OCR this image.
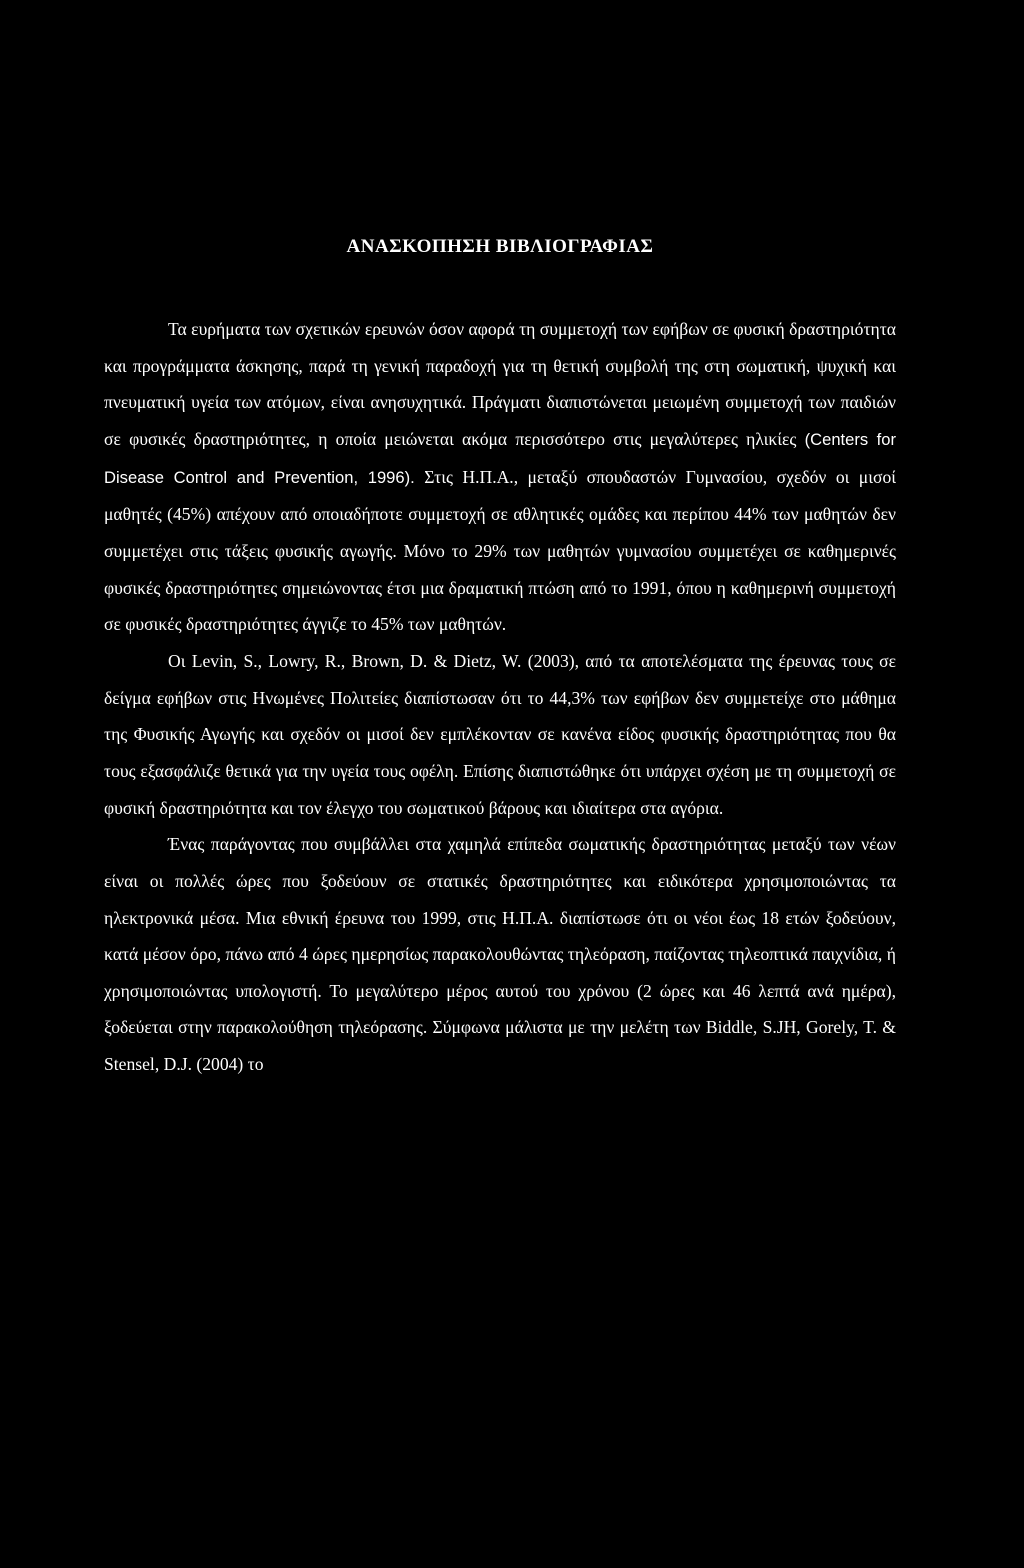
ΑΝΑΣΚΟΠΗΣΗ ΒΙΒΛΙΟΓΡΑΦΙΑΣ

Τα ευρήματα των σχετικών ερευνών όσον αφορά τη συμμετοχή των εφήβων σε φυσική δραστηριότητα και προγράμματα άσκησης, παρά τη γενική παραδοχή για τη θετική συμβολή της στη σωματική, ψυχική και πνευματική υγεία των ατόμων, είναι ανησυχητικά. Πράγματι διαπιστώνεται μειωμένη συμμετοχή των παιδιών σε φυσικές δραστηριότητες, η οποία μειώνεται ακόμα περισσότερο στις μεγαλύτερες ηλικίες (Centers for Disease Control and Prevention, 1996). Στις Η.Π.Α., μεταξύ σπουδαστών Γυμνασίου, σχεδόν οι μισοί μαθητές (45%) απέχουν από οποιαδήποτε συμμετοχή σε αθλητικές ομάδες και περίπου 44% των μαθητών δεν συμμετέχει στις τάξεις φυσικής αγωγής. Μόνο το 29% των μαθητών γυμνασίου συμμετέχει σε καθημερινές φυσικές δραστηριότητες σημειώνοντας έτσι μια δραματική πτώση από το 1991, όπου η καθημερινή συμμετοχή σε φυσικές δραστηριότητες άγγιζε το 45% των μαθητών.

Οι Levin, S., Lowry, R., Brown, D. & Dietz, W. (2003), από τα αποτελέσματα της έρευνας τους σε δείγμα εφήβων στις Ηνωμένες Πολιτείες διαπίστωσαν ότι το 44,3% των εφήβων δεν συμμετείχε στο μάθημα της Φυσικής Αγωγής και σχεδόν οι μισοί δεν εμπλέκονταν σε κανένα είδος φυσικής δραστηριότητας που θα τους εξασφάλιζε θετικά για την υγεία τους οφέλη. Επίσης διαπιστώθηκε ότι υπάρχει σχέση με τη συμμετοχή σε φυσική δραστηριότητα και τον έλεγχο του σωματικού βάρους και ιδιαίτερα στα αγόρια.

Ένας παράγοντας που συμβάλλει στα χαμηλά επίπεδα σωματικής δραστηριότητας μεταξύ των νέων είναι οι πολλές ώρες που ξοδεύουν σε στατικές δραστηριότητες και ειδικότερα χρησιμοποιώντας τα ηλεκτρονικά μέσα. Μια εθνική έρευνα του 1999, στις Η.Π.Α. διαπίστωσε ότι οι νέοι έως 18 ετών ξοδεύουν, κατά μέσον όρο, πάνω από 4 ώρες ημερησίως παρακολουθώντας τηλεόραση, παίζοντας τηλεοπτικά παιχνίδια, ή χρησιμοποιώντας υπολογιστή. Το μεγαλύτερο μέρος αυτού του χρόνου (2 ώρες και 46 λεπτά ανά ημέρα), ξοδεύεται στην παρακολούθηση τηλεόρασης. Σύμφωνα μάλιστα με την μελέτη των Biddle, S.JH, Gorely, T. & Stensel, D.J. (2004) το
